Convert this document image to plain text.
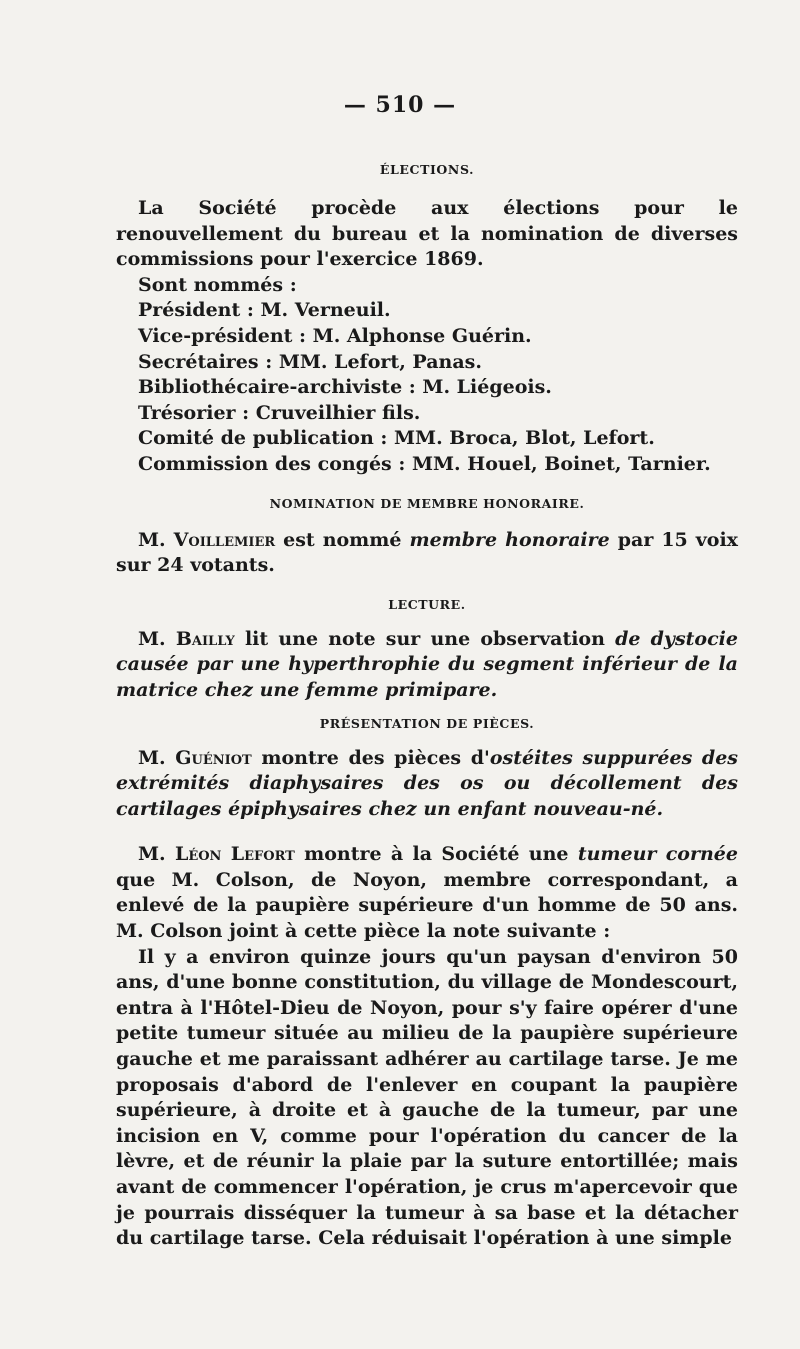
— 510 —
ÉLECTIONS.

La Société procède aux élections pour le renouvellement du bureau et la nomination de diverses commissions pour l'exercice 1869.

Sont nommés :
Président : M. Verneuil.
Vice-président : M. Alphonse Guérin.
Secrétaires : MM. Lefort, Panas.
Bibliothécaire-archiviste : M. Liégeois.
Trésorier : Cruveilhier fils.
Comité de publication : MM. Broca, Blot, Lefort.
Commission des congés : MM. Houel, Boinet, Tarnier.
NOMINATION DE MEMBRE HONORAIRE.

M. Voillemier est nommé membre honoraire par 15 voix sur 24 votants.

LECTURE.

M. Bailly lit une note sur une observation de dystocie causée par une hyperthrophie du segment inférieur de la matrice chez une femme primipare.

PRÉSENTATION DE PIÈCES.

M. Guéniot montre des pièces d'ostéites suppurées des extrémités diaphysaires des os ou décollement des cartilages épiphysaires chez un enfant nouveau-né.

M. Léon Lefort montre à la Société une tumeur cornée que M. Colson, de Noyon, membre correspondant, a enlevé de la paupière supérieure d'un homme de 50 ans. M. Colson joint à cette pièce la note suivante :

Il y a environ quinze jours qu'un paysan d'environ 50 ans, d'une bonne constitution, du village de Mondescourt, entra à l'Hôtel-Dieu de Noyon, pour s'y faire opérer d'une petite tumeur située au milieu de la paupière supérieure gauche et me paraissant adhérer au cartilage tarse. Je me proposais d'abord de l'enlever en coupant la paupière supérieure, à droite et à gauche de la tumeur, par une incision en V, comme pour l'opération du cancer de la lèvre, et de réunir la plaie par la suture entortillée; mais avant de commencer l'opération, je crus m'apercevoir que je pourrais disséquer la tumeur à sa base et la détacher du cartilage tarse. Cela réduisait l'opération à une simple
